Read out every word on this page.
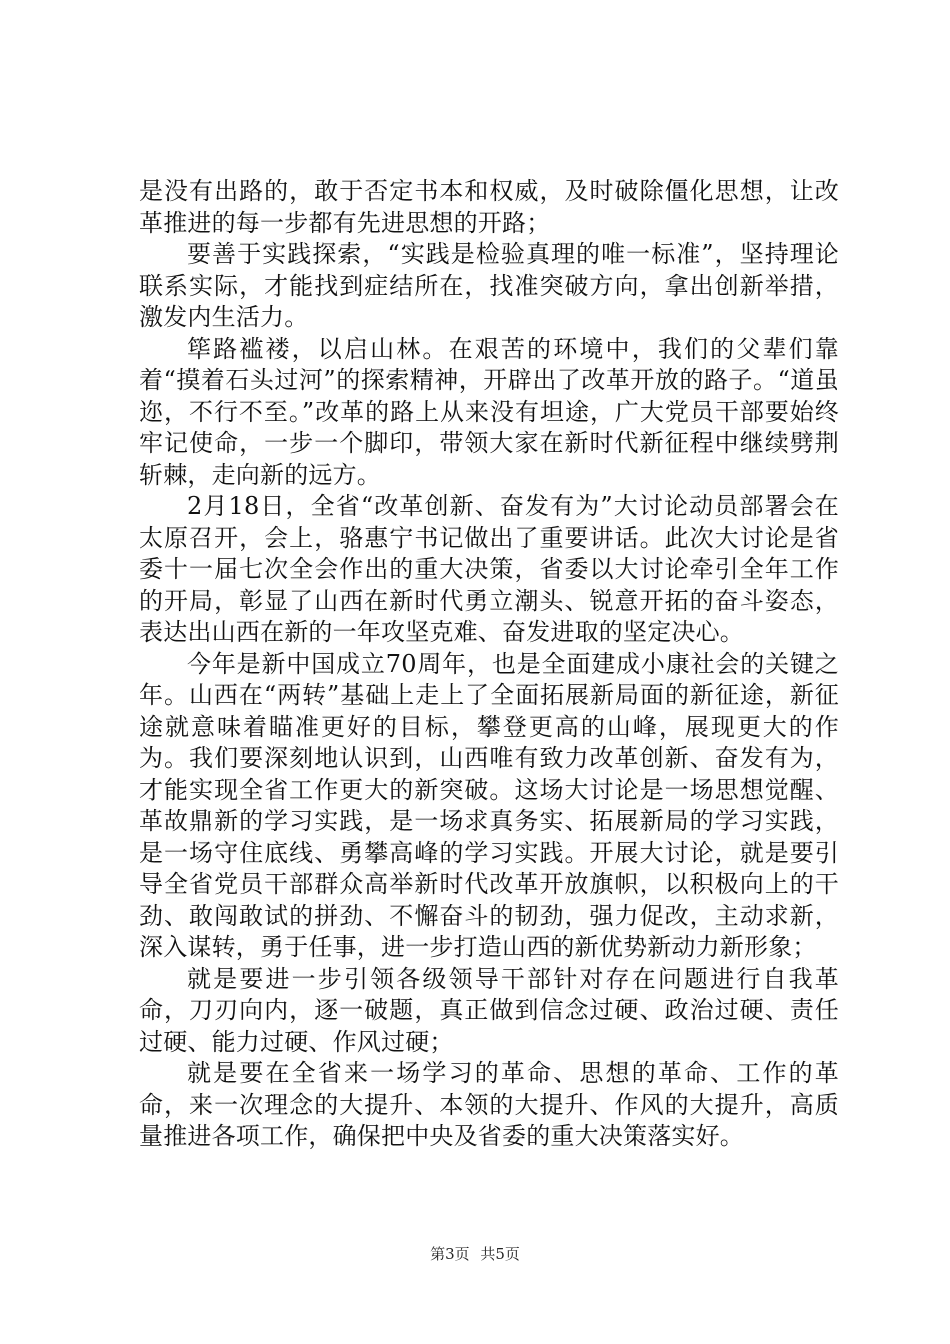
是没有出路的，敢于否定书本和权威，及时破除僵化思想，让改革推进的每一步都有先进思想的开路；

要善于实践探索，“实践是检验真理的唯一标准”，坚持理论联系实际，才能找到症结所在，找准突破方向，拿出创新举措，激发内生活力。

筚路褴褛，以启山林。在艰苦的环境中，我们的父辈们靠着“摸着石头过河”的探索精神，开辟出了改革开放的路子。“道虽迩，不行不至。”改革的路上从来没有坦途，广大党员干部要始终牢记使命，一步一个脚印，带领大家在新时代新征程中继续劈荆斩棘，走向新的远方。

2月18日，全省“改革创新、奋发有为”大讨论动员部署会在太原召开，会上，骆惠宁书记做出了重要讲话。此次大讨论是省委十一届七次全会作出的重大决策，省委以大讨论牵引全年工作的开局，彰显了山西在新时代勇立潮头、锐意开拓的奋斗姿态，表达出山西在新的一年攻坚克难、奋发进取的坚定决心。

今年是新中国成立70周年，也是全面建成小康社会的关键之年。山西在“两转”基础上走上了全面拓展新局面的新征途，新征途就意味着瞄准更好的目标，攀登更高的山峰，展现更大的作为。我们要深刻地认识到，山西唯有致力改革创新、奋发有为，才能实现全省工作更大的新突破。这场大讨论是一场思想觉醒、革故鼎新的学习实践，是一场求真务实、拓展新局的学习实践，是一场守住底线、勇攀高峰的学习实践。开展大讨论，就是要引导全省党员干部群众高举新时代改革开放旗帜，以积极向上的干劲、敢闯敢试的拼劲、不懈奋斗的韧劲，强力促改，主动求新，深入谋转，勇于任事，进一步打造山西的新优势新动力新形象；

就是要进一步引领各级领导干部针对存在问题进行自我革命，刀刃向内，逐一破题，真正做到信念过硬、政治过硬、责任过硬、能力过硬、作风过硬；

就是要在全省来一场学习的革命、思想的革命、工作的革命，来一次理念的大提升、本领的大提升、作风的大提升，高质量推进各项工作，确保把中央及省委的重大决策落实好。

第3页 共5页
